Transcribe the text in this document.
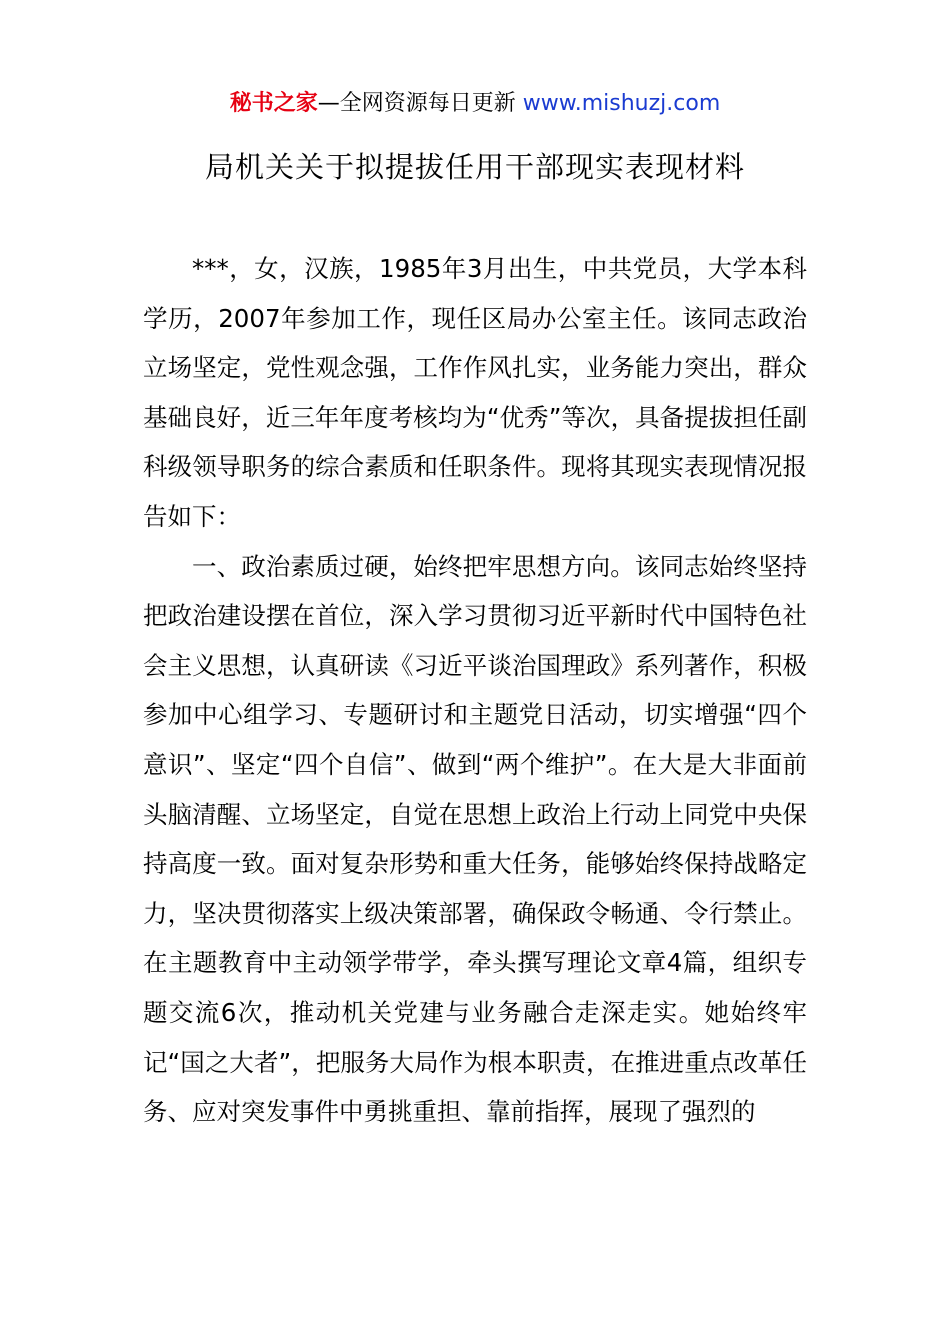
秘书之家—全网资源每日更新 www.mishuzj.com
局机关关于拟提拔任用干部现实表现材料

***，女，汉族，1985年3月出生，中共党员，大学本科学历，2007年参加工作，现任区局办公室主任。该同志政治立场坚定，党性观念强，工作作风扎实，业务能力突出，群众基础良好，近三年年度考核均为“优秀”等次，具备提拔担任副科级领导职务的综合素质和任职条件。现将其现实表现情况报告如下：

一、政治素质过硬，始终把牢思想方向。该同志始终坚持把政治建设摆在首位，深入学习贯彻习近平新时代中国特色社会主义思想，认真研读《习近平谈治国理政》系列著作，积极参加中心组学习、专题研讨和主题党日活动，切实增强“四个意识”、坚定“四个自信”、做到“两个维护”。在大是大非面前头脑清醒、立场坚定，自觉在思想上政治上行动上同党中央保持高度一致。面对复杂形势和重大任务，能够始终保持战略定力，坚决贯彻落实上级决策部署，确保政令畅通、令行禁止。在主题教育中主动领学带学，牵头撰写理论文章4篇，组织专题交流6次，推动机关党建与业务融合走深走实。她始终牢记“国之大者”，把服务大局作为根本职责，在推进重点改革任务、应对突发事件中勇挑重担、靠前指挥，展现了强烈的
